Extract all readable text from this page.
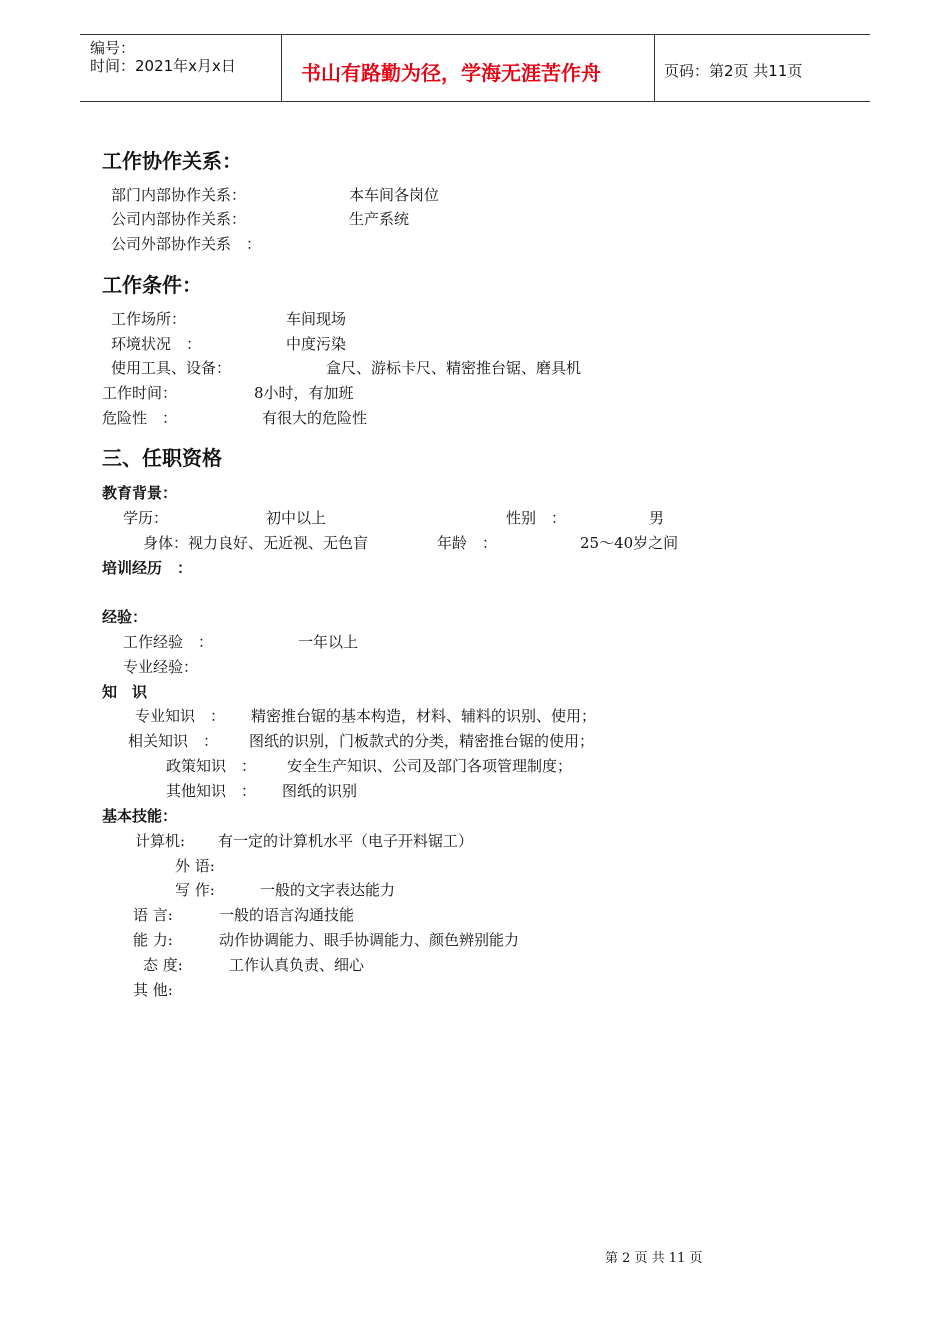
编号：
时间：2021年x月x日	书山有路勤为径，学海无涯苦作舟	页码：第2页 共11页
工作协作关系：
部门内部协作关系：	本车间各岗位
公司内部协作关系：	生产系统
公司外部协作关系　：
工作条件：
工作场所：	车间现场
环境状况　：	中度污染
使用工具、设备：	盒尺、游标卡尺、精密推台锯、磨具机
工作时间：	8小时，有加班
危险性　：	有很大的危险性
三、任职资格
教育背景：
学历：	初中以上	性别　：	男
身体：视力良好、无近视、无色盲	年龄　：	25～40岁之间
培训经历　：
经验：
工作经验　：	一年以上
专业经验：
知　识
专业知识　： 精密推台锯的基本构造，材料、辅料的识别、使用；
相关知识　： 图纸的识别，门板款式的分类，精密推台锯的使用；
政策知识　： 安全生产知识、公司及部门各项管理制度；
其他知识　： 图纸的识别
基本技能：
计算机: 有一定的计算机水平（电子开料锯工）
外 语:
写 作:	一般的文字表达能力
语 言:	一般的语言沟通技能
能 力:	动作协调能力、眼手协调能力、颜色辨别能力
态 度:	工作认真负责、细心
其 他:
第 2 页 共 11 页
